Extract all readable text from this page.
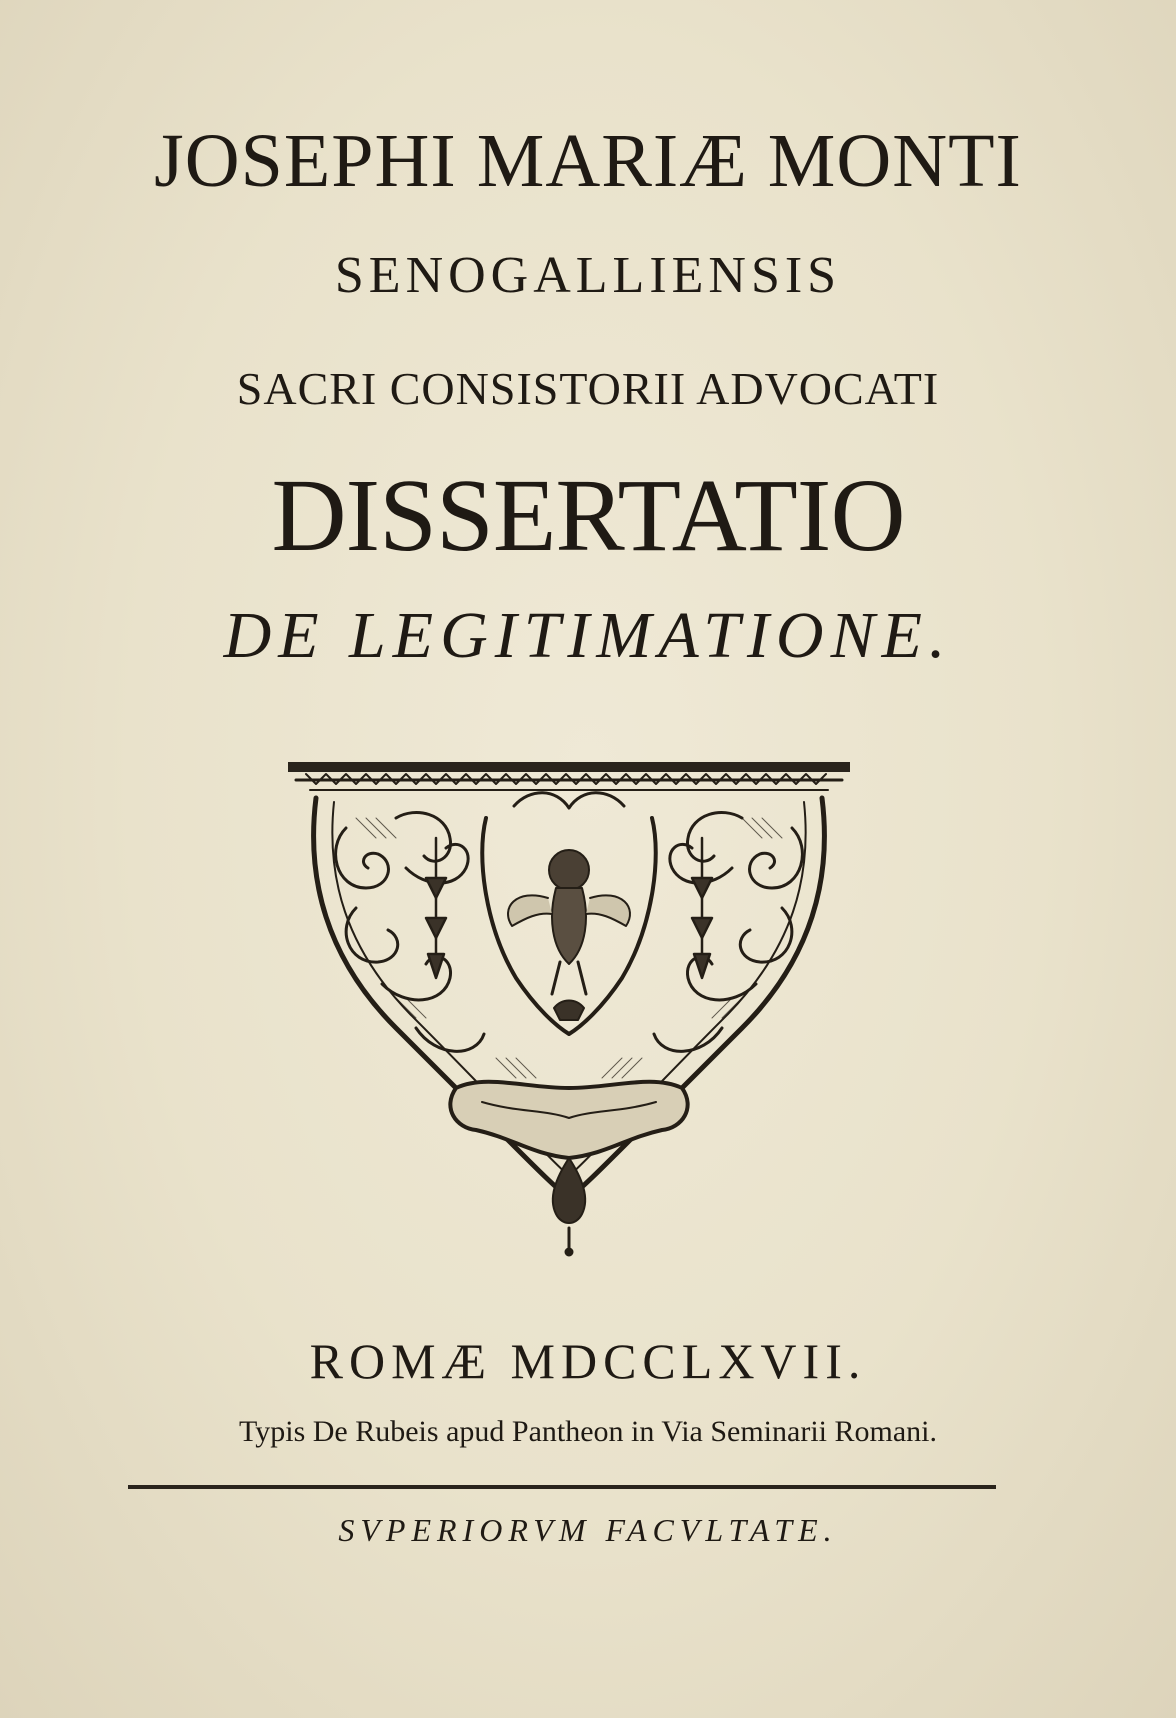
JOSEPHI MARIÆ MONTI
SENOGALLIENSIS
SACRI CONSISTORII ADVOCATI
DISSERTATIO
DE LEGITIMATIONE.
ROMÆ MDCCLXVII.
Typis De Rubeis apud Pantheon in Via Seminarii Romani.
SVPERIORVM FACVLTATE.
